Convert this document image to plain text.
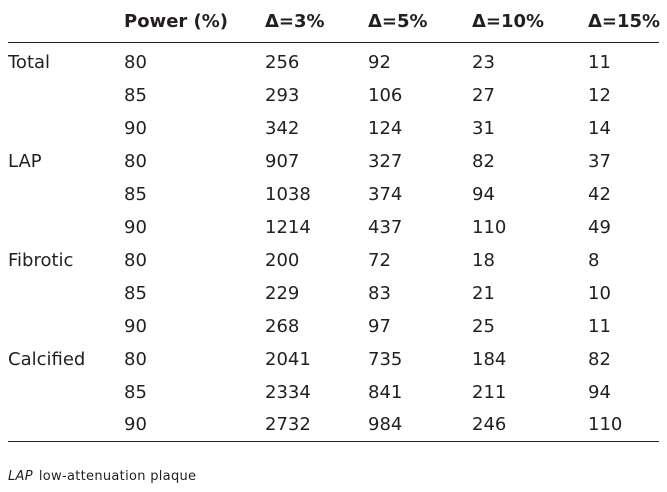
	Power (%)	Δ=3%	Δ=5%	Δ=10%	Δ=15%
Total	80	256	92	23	11
	85	293	106	27	12
	90	342	124	31	14
LAP	80	907	327	82	37
	85	1038	374	94	42
	90	1214	437	110	49
Fibrotic	80	200	72	18	8
	85	229	83	21	10
	90	268	97	25	11
Calcified	80	2041	735	184	82
	85	2334	841	211	94
	90	2732	984	246	110
LAP low-attenuation plaque
